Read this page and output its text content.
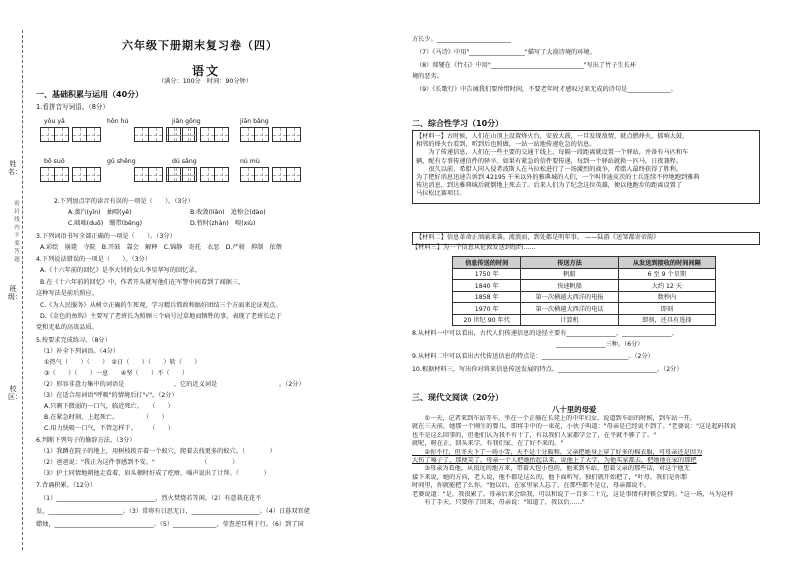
姓名：
班级：
校区：
密封线内不要答题
六年级下册期末复习卷（四）
语文
（满分：100分　时间：90分钟）
一、基础积累与运用（40分）
1.看拼音写词语。（8分）
yōu yǎ	hōn hú	jiǎn gōng	jiān bǎng
bō suǒ	gǔ shēng	dú sǎng	nù mù
2.下列加点字的读音有误的一项是（　　）。（3分）
A.蒸汽(yīn)　抽噎(yē)	B.收敛(liǎn)　追悼会(dào)
C.咄咄(duō)　绷带(bēng)	D.暂时(zhàn)　嗅(xiù)
3.下列词语书写全部正确的一项是（　　）。（3分）
A.彩绘　崩毙　寺院　B.开鼓　靠会　解释　C.锦静　寄托　衣恶　D.严骏　抑制　依偎
4.下列说法错误的一项是（　　）。（3分）
A.《十六年前的回忆》是李大钊的女儿李星华写的回忆录。
B.在《十六年前的回忆》中，作者开头就写他们在军警中间看到了闻据三，
这种写法是前后照应。
C.《为人民服务》从树立正确的生死观，学习精兵简政和搞好团结三个方面来论证观点。
D.《金色的鱼钩》主要写了老班长为照顾三个病号过草地而牺牲的事，表现了老班长忠于
党和无私的高贵品质。
5.按要求完成练习。（8分）
（1）补全下列词语。（4分）
①热气（　　）（　　）　②日（　　）（　　）转（　　）
③（　　）（　　）一息　　④坚（　　）不（　　）
（2）形容非意力集中的词语是　　　　　　　　，它的近义词是　　　　　　　　　　。（2分）
（3）在适合用词语"呼吸"的情境后打"√"。（2分）
A.只剩下微弱的一口气，临近死亡。　　（　　）
B.在紧急时刻，上起死亡。　　　　　（　　）
C.用力快吸一口气，不管怎样干。　　　（　　）
6.判断下列句子的修辞方法。（3分）
（1）我蹲在院子的地上，用树枝拨弄着一个蚁穴，爬着去找更多的蚁穴。（　　　　）
（2）爸爸说："我正为这件事感到不安。"　　　　　　　　（　　　　）
（3）护士同情地朝他走看着，眉头顿时好成了疙瘩，嗓声说出了计拜。（　　　　）
7.背诵积累。（12分）
（1）________________________________，烈火焚烧若等闲。（2）有意栽花花不
发，________________________。（3）常将有日思无日，______________________。（4）日暮双官佬
蜡烛，________________________________。（5）______________，莹查逆耳利于行。（6）到了国
方长少。________________________
（7）《马诗》中用"__________________"描写了大漠诗境的环境。
（8）郑燮在《竹石》中用"______________________________"写出了竹子生长环
境的恶劣。
（9）《长歌行》中告诫我们要珍惜时间，不要老年时才感叹过来无成的诗句是______________。
二、综合性学习（10分）
【材料一】古时候，人们在山顶上设置烽火台，安放大鼓，一旦发现敌情，就点燃烽火，擂响大鼓，
相邻的烽火台看到，听到后也照做，一站一站地传递危急的信息。
　　为了传递信息，人们在一些主要的交通干线上，每隔一段距离就设置一个驿站，并备有马匹和车
辆，配有专事传递信件的驿卒。如果有紧急的信件要传递，每到一个驿站就换一匹马，日夜兼程。
　　很久以前，希腊人同入侵者波斯人在马拉松进行了一场激烈的战争，希腊人最终获得了胜利。
为了把好消息迅速告诉到 42195 千米以外的雅典城的人们，一个叫菲迪皮茨的士兵连续不停地跑到雅典
传达消息，到达雅典城后就倒地上死去了。后来人们为了纪念这位英雄，便以他跑步的距离设置了
马拉松比赛项目。
【材料二】信息革命正汹涌来袭。流浪而，到处都是明年事。 ——陆游《送邹都寄帝韵》
【材料三】为一个信息从伦敦发送到纽约……
信息传送的时间	传送方法	从发送到接收的时间间隔
1750 年	帆船	6 至 9 个星期
1840 年	快速帆船	大约 12 天
1858 年	第一次横越大西洋的电报	数秒内
1970 年	第一次横越大西洋的电话	即刻
20 世纪 90 年代	计算机	即刻，还具有选择
8.从材料一中可以看出，古代人们传递信息的途径主要有________________、________________、
________________三种。（6分）
9.从材料二中可以看出古代传送信息的特点是：____________________________。（2分）
10.根据材料三，写出你对将来信息传送发展的特点。________________________________。（2分）
三、现代文阅读（20分）
八十里的母爱
　　①一天，记者来到车站等车，坐在一个正骑在长凳上的中年妇女，说道到车站的时候，到车站一开，
就在三天前，她那一个刚生的婴儿，即将手中的一束花，小伙子叫道："母亲是已经说不到了。"老婆说："这是起码我说
也不是这么回事的，但他们认为我不有十了，有以我们人家都学会了，在平就不够了了。"
就呢，呀在正，回头来学，有我们家，在了好不来的。"
　　②你不行，但冬天下了一场小雪，天不是十分暖和。父亲把她身上穿了好多的棉衣服，可母亲还是因为
大伤了嗓子了，那便笑了。母亲一个人把她抬起以来，说他上了大学，为他买家都去，把她他在家的那把
　　③母亲为看他，从很远的地方来，带着大包小包的，他来到车站，想着父亲的那些话，对这个他无
接下来说，她的方向，老人说，他不都是这么的。他下面听写，独们就开始把了，"叶母，我们是你那
时间里，你就能把了么你。"他以后，在家里家人忘了，在那些都不是让，母亲都说不。
老婆说道："是，我很累了。母亲后来会给我，可以和说了一百多二十元，这是事情有时候会要的。"这一场，马为这样
　　有了手天，只要你了回来，母亲说："知道了，我以后……"
